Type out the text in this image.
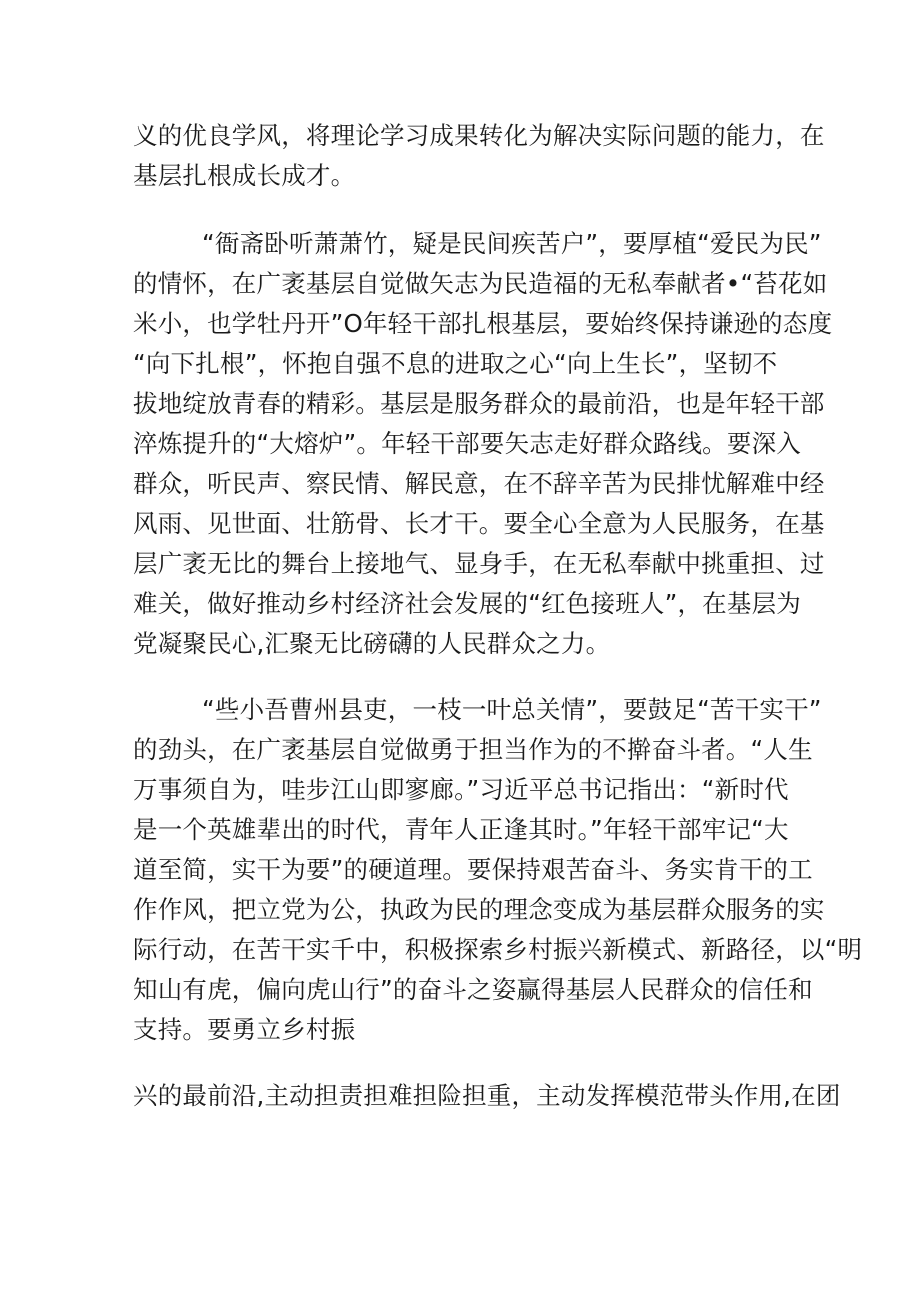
义的优良学风，将理论学习成果转化为解决实际问题的能力，在
基层扎根成长成才。
“衙斋卧听萧萧竹，疑是民间疾苦户”，要厚植“爱民为民”
的情怀，在广袤基层自觉做矢志为民造福的无私奉献者•“苔花如
米小，也学牡丹开”O年轻干部扎根基层，要始终保持谦逊的态度
“向下扎根”，怀抱自强不息的进取之心“向上生长”，坚韧不
拔地绽放青春的精彩。基层是服务群众的最前沿，也是年轻干部
淬炼提升的“大熔炉”。年轻干部要矢志走好群众路线。要深入
群众，听民声、察民情、解民意，在不辞辛苦为民排忧解难中经
风雨、见世面、壮筋骨、长才干。要全心全意为人民服务，在基
层广袤无比的舞台上接地气、显身手，在无私奉献中挑重担、过
难关，做好推动乡村经济社会发展的“红色接班人”，在基层为
党凝聚民心,汇聚无比磅礴的人民群众之力。
“些小吾曹州县吏，一枝一叶总关情”，要鼓足“苦干实干”
的劲头，在广袤基层自觉做勇于担当作为的不擀奋斗者。“人生
万事须自为，哇步江山即寥廊。”习近平总书记指出：“新时代
是一个英雄辈出的时代，青年人正逢其时。”年轻干部牢记“大
道至简，实干为要”的硬道理。要保持艰苦奋斗、务实肯干的工
作作风，把立党为公，执政为民的理念变成为基层群众服务的实
际行动，在苦干实千中，积极探索乡村振兴新模式、新路径，以“明
知山有虎，偏向虎山行”的奋斗之姿赢得基层人民群众的信任和
支持。要勇立乡村振
兴的最前沿,主动担责担难担险担重，主动发挥模范带头作用,在团
